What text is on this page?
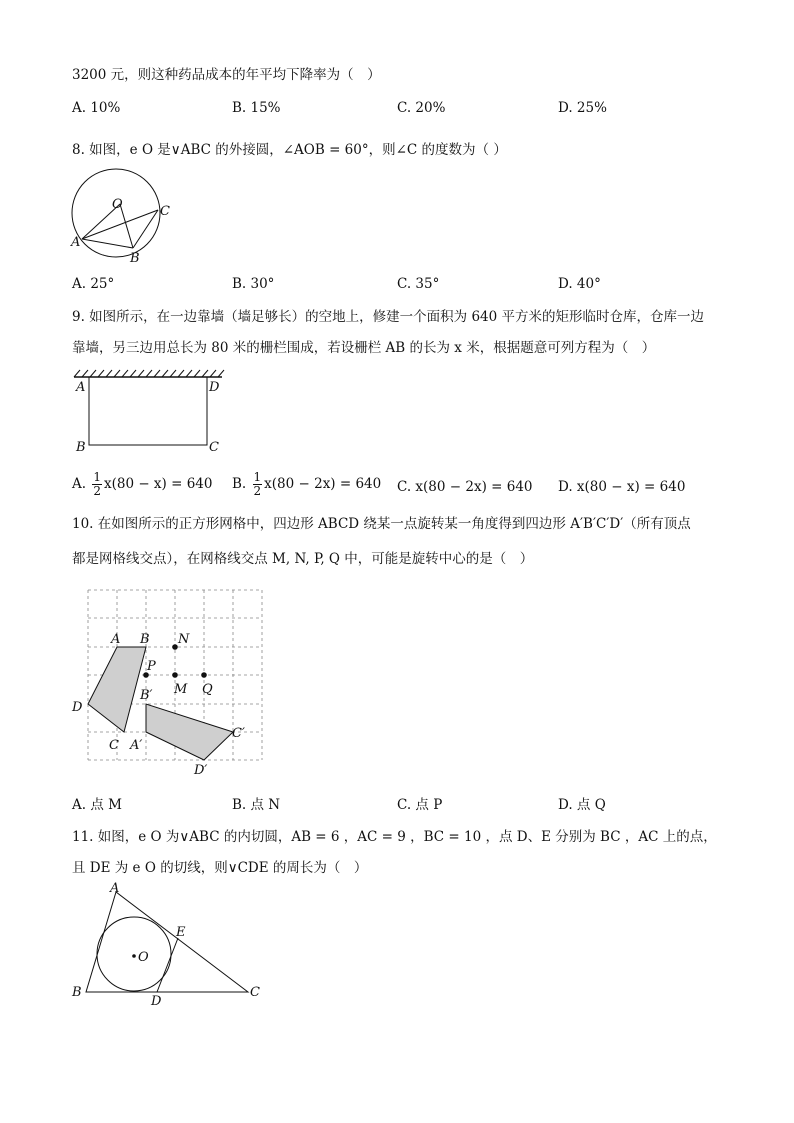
3200 元，则这种药品成本的年平均下降率为（　）
A. 10%	B. 15%	C. 20%	D. 25%
8. 如图，e O 是∨ABC 的外接圆，∠AOB = 60°，则∠C 的度数为（ ）
O	C
A
B
A. 25°	B. 30°	C. 35°	D. 40°
9. 如图所示，在一边靠墙（墙足够长）的空地上，修建一个面积为 640 平方米的矩形临时仓库，仓库一边
靠墙，另三边用总长为 80 米的栅栏围成，若设栅栏 AB 的长为 x 米，根据题意可列方程为（　）
A	D
B	C
A. $\frac{1}{2} x(80 - x) = 640$ B. $\frac{1}{2} x(80 - 2x) = 640$ C. x(80 − 2x) = 640 D. x(80 − x) = 640
10. 在如图所示的正方形网格中，四边形 ABCD 绕某一点旋转某一角度得到四边形 A′B′C′D′（所有顶点
都是网格线交点），在网格线交点 M, N, P, Q 中，可能是旋转中心的是（　）
A B N
P
B′ M Q
D
C A′
C′
D′
A. 点 M	B. 点 N	C. 点 P	D. 点 Q
11. 如图，e O 为∨ABC 的内切圆，AB = 6 ，AC = 9 ，BC = 10 ，点 D、E 分别为 BC ，AC 上的点，
且 DE 为 e O 的切线，则∨CDE 的周长为（　）
A
E
O
B
D
C
